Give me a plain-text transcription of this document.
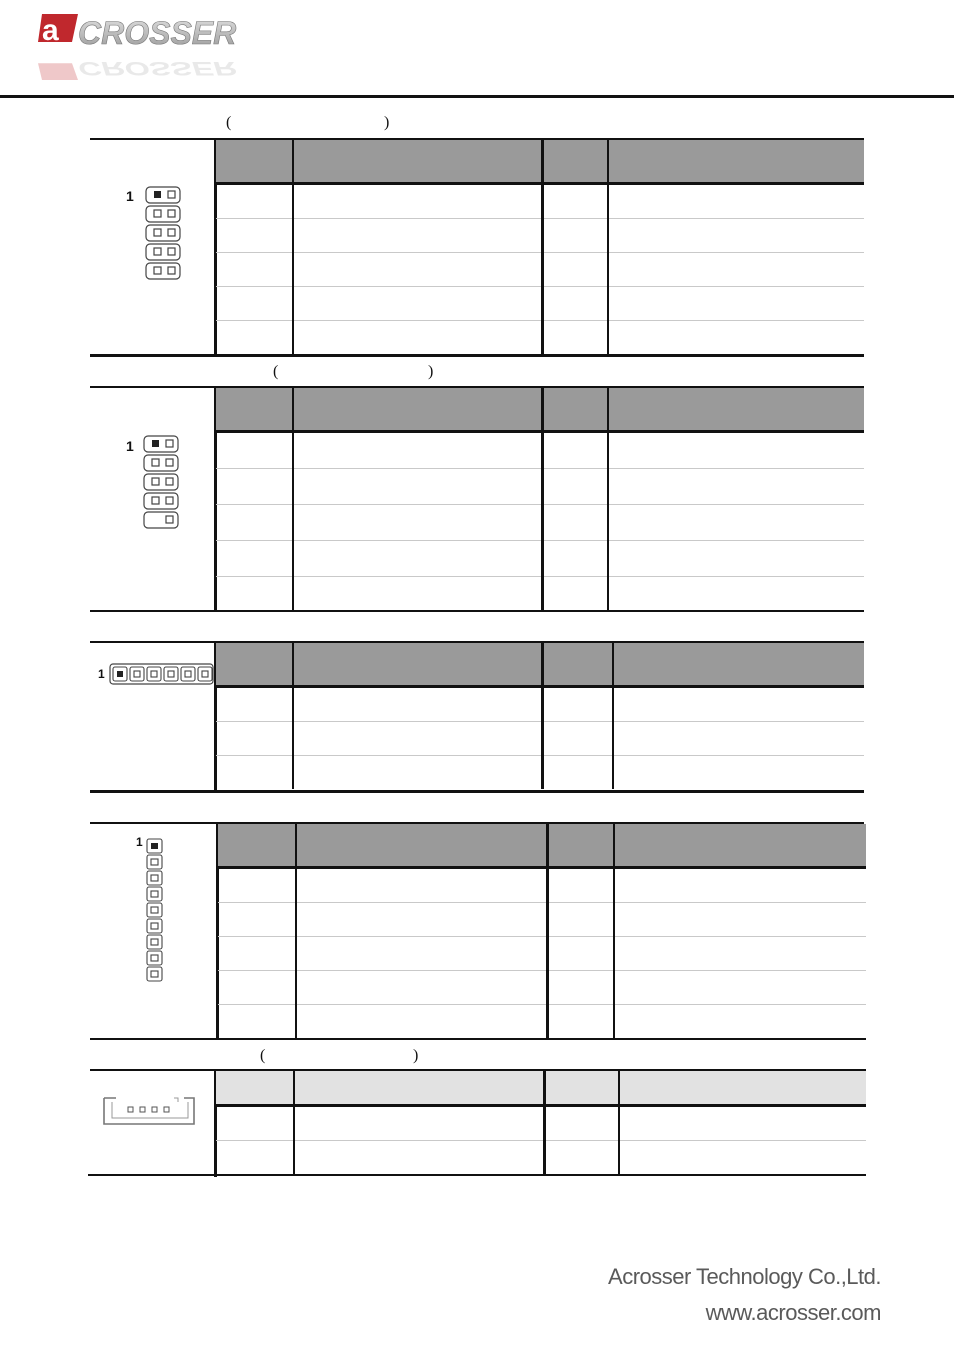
a CROSSER
CROSSER
(	)

1
(	)

1

1

1
(	)

Acrosser Technology Co.,Ltd.
www.acrosser.com
